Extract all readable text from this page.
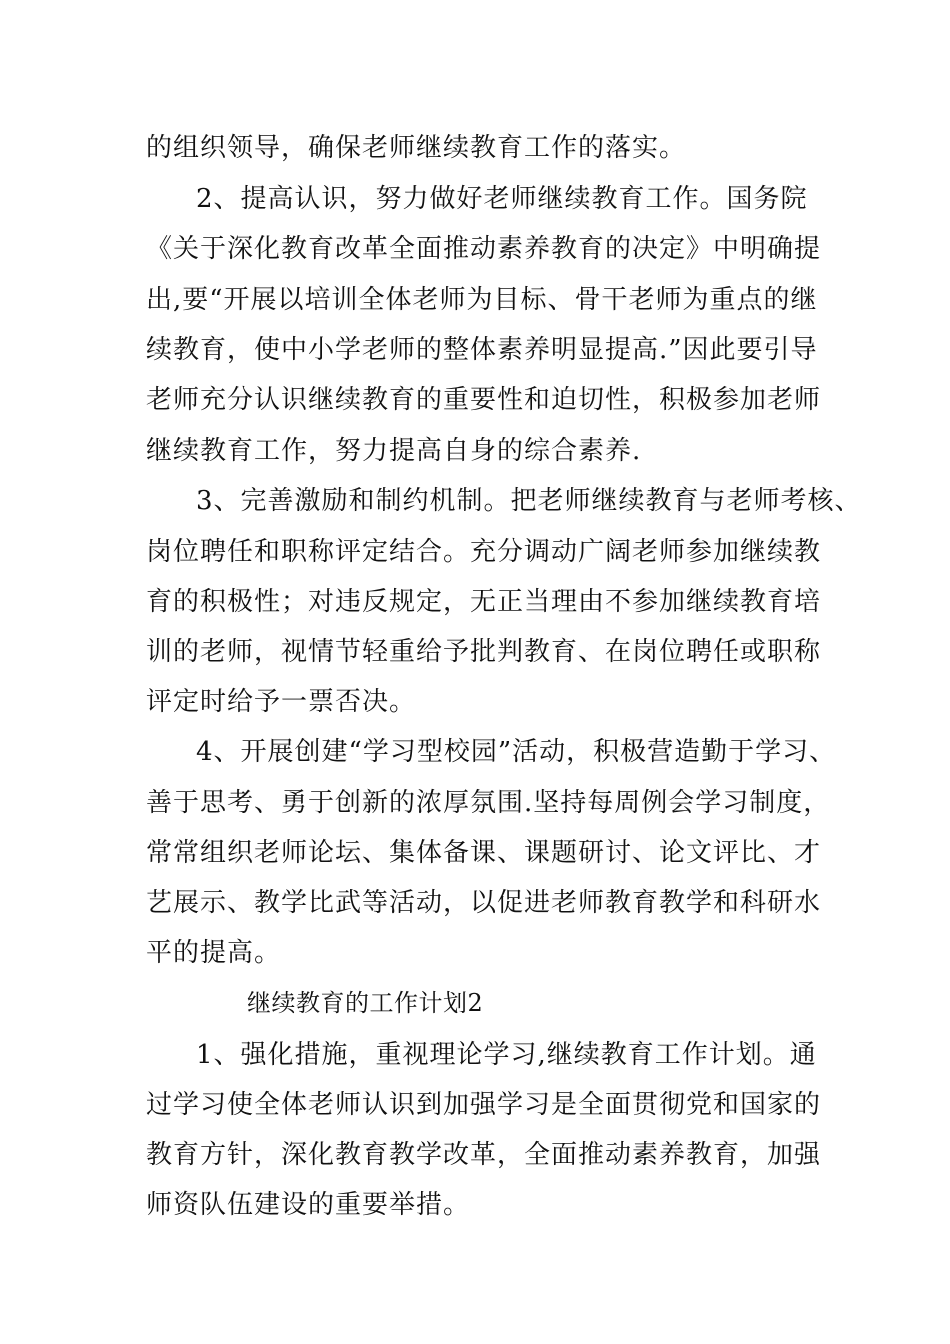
的组织领导，确保老师继续教育工作的落实。
2、提高认识，努力做好老师继续教育工作。国务院
《关于深化教育改革全面推动素养教育的决定》中明确提
出,要“开展以培训全体老师为目标、骨干老师为重点的继
续教育，使中小学老师的整体素养明显提高.”因此要引导
老师充分认识继续教育的重要性和迫切性，积极参加老师
继续教育工作，努力提高自身的综合素养.
3、完善激励和制约机制。把老师继续教育与老师考核、
岗位聘任和职称评定结合。充分调动广阔老师参加继续教
育的积极性；对违反规定，无正当理由不参加继续教育培
训的老师，视情节轻重给予批判教育、在岗位聘任或职称
评定时给予一票否决。
4、开展创建“学习型校园”活动，积极营造勤于学习、
善于思考、勇于创新的浓厚氛围.坚持每周例会学习制度，
常常组织老师论坛、集体备课、课题研讨、论文评比、才
艺展示、教学比武等活动，以促进老师教育教学和科研水
平的提高。
继续教育的工作计划2
1、强化措施，重视理论学习,继续教育工作计划。通
过学习使全体老师认识到加强学习是全面贯彻党和国家的
教育方针，深化教育教学改革，全面推动素养教育，加强
师资队伍建设的重要举措。
